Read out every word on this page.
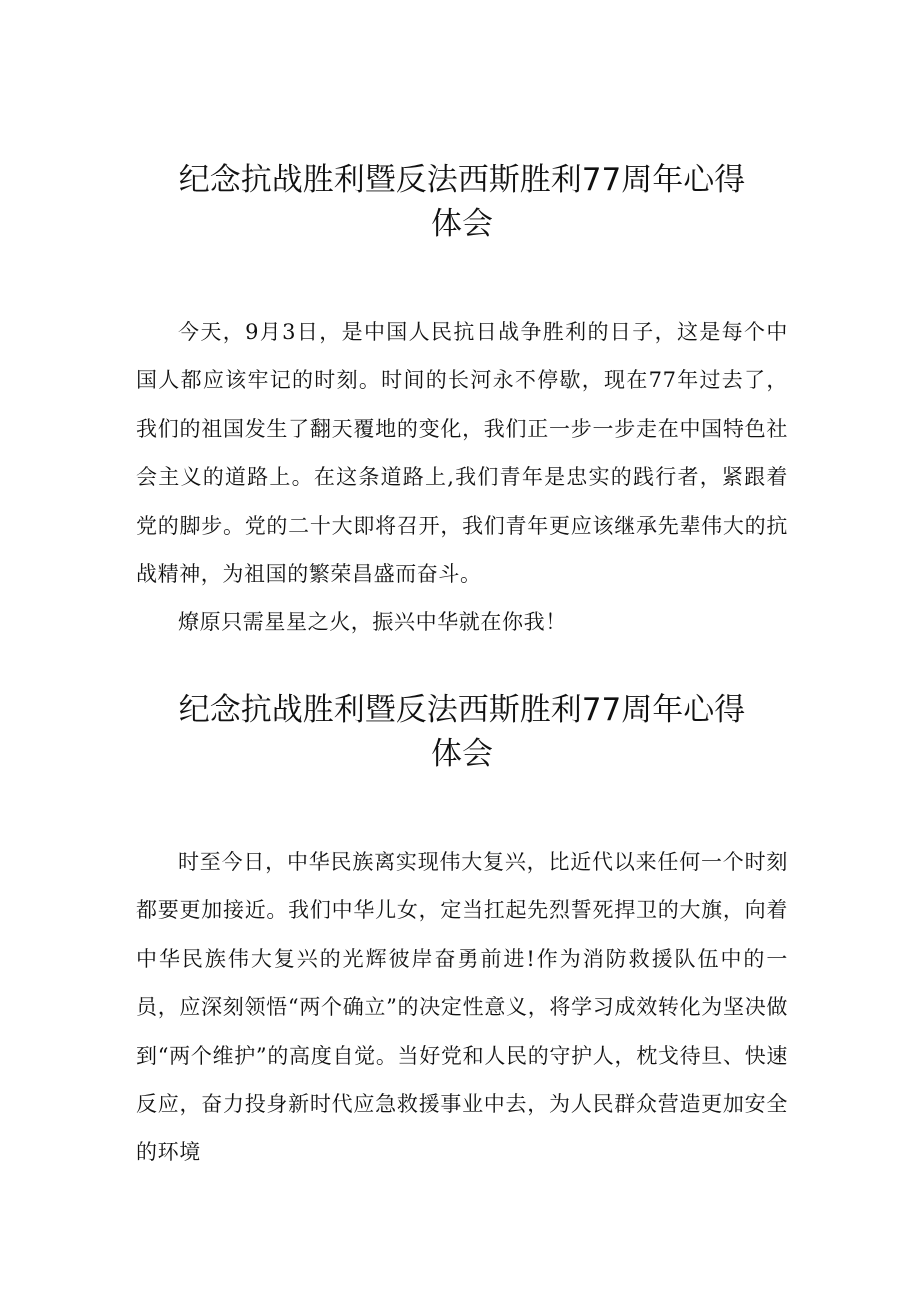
纪念抗战胜利暨反法西斯胜利77周年心得
体会

今天，9月3日，是中国人民抗日战争胜利的日子，这是每个中国人都应该牢记的时刻。时间的长河永不停歇，现在77年过去了，我们的祖国发生了翻天覆地的变化，我们正一步一步走在中国特色社会主义的道路上。在这条道路上,我们青年是忠实的践行者，紧跟着党的脚步。党的二十大即将召开，我们青年更应该继承先辈伟大的抗战精神，为祖国的繁荣昌盛而奋斗。

燎原只需星星之火，振兴中华就在你我！

纪念抗战胜利暨反法西斯胜利77周年心得
体会

时至今日，中华民族离实现伟大复兴，比近代以来任何一个时刻都要更加接近。我们中华儿女，定当扛起先烈誓死捍卫的大旗，向着中华民族伟大复兴的光辉彼岸奋勇前进!作为消防救援队伍中的一员，应深刻领悟“两个确立”的决定性意义，将学习成效转化为坚决做到“两个维护”的高度自觉。当好党和人民的守护人，枕戈待旦、快速反应，奋力投身新时代应急救援事业中去，为人民群众营造更加安全的环境
